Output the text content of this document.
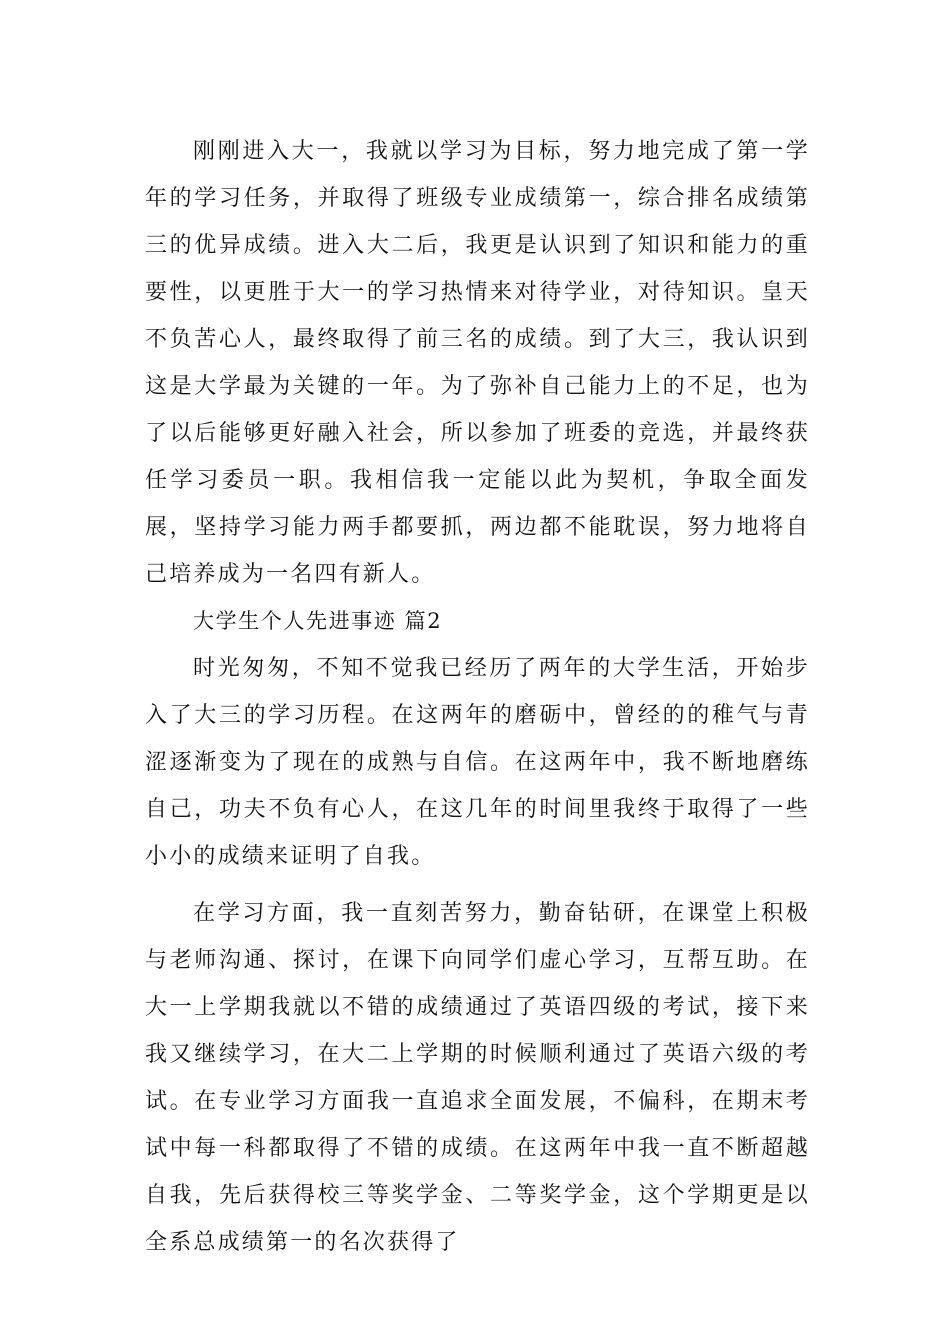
刚刚进入大一，我就以学习为目标，努力地完成了第一学年的学习任务，并取得了班级专业成绩第一，综合排名成绩第三的优异成绩。进入大二后，我更是认识到了知识和能力的重要性，以更胜于大一的学习热情来对待学业，对待知识。皇天不负苦心人，最终取得了前三名的成绩。到了大三，我认识到这是大学最为关键的一年。为了弥补自己能力上的不足，也为了以后能够更好融入社会，所以参加了班委的竞选，并最终获任学习委员一职。我相信我一定能以此为契机，争取全面发展，坚持学习能力两手都要抓，两边都不能耽误，努力地将自己培养成为一名四有新人。

大学生个人先进事迹 篇2

时光匆匆，不知不觉我已经历了两年的大学生活，开始步入了大三的学习历程。在这两年的磨砺中，曾经的的稚气与青涩逐渐变为了现在的成熟与自信。在这两年中，我不断地磨练自己，功夫不负有心人，在这几年的时间里我终于取得了一些小小的成绩来证明了自我。

在学习方面，我一直刻苦努力，勤奋钻研，在课堂上积极与老师沟通、探讨，在课下向同学们虚心学习，互帮互助。在大一上学期我就以不错的成绩通过了英语四级的考试，接下来我又继续学习，在大二上学期的时候顺利通过了英语六级的考试。在专业学习方面我一直追求全面发展，不偏科，在期末考试中每一科都取得了不错的成绩。在这两年中我一直不断超越自我，先后获得校三等奖学金、二等奖学金，这个学期更是以全系总成绩第一的名次获得了
